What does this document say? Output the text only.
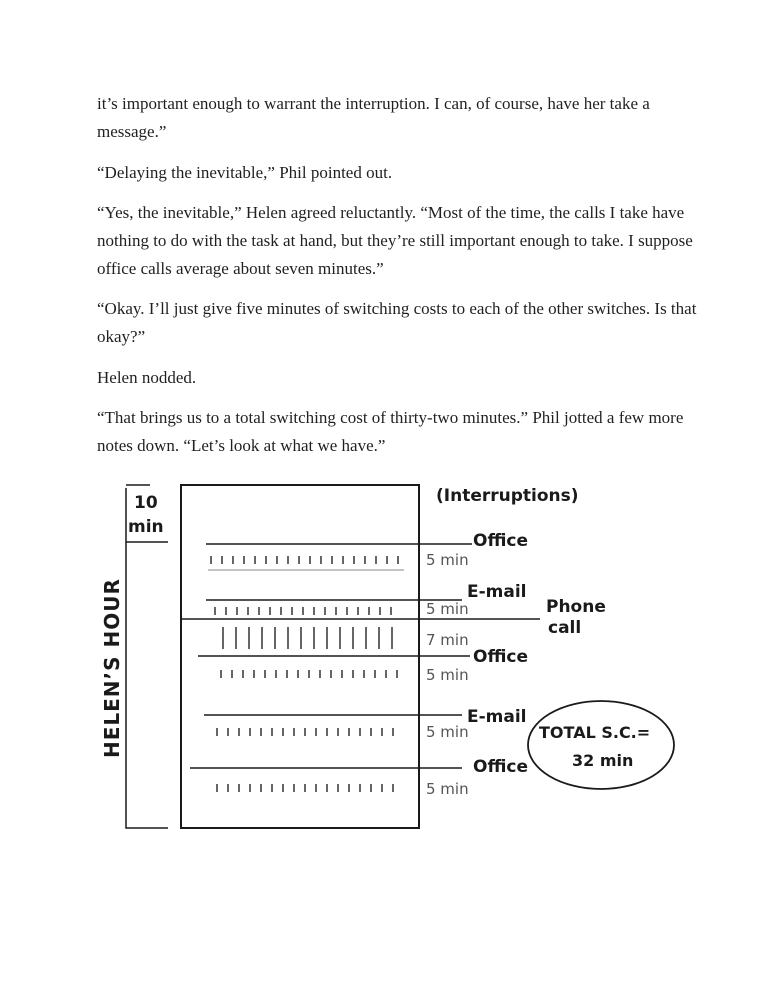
it’s important enough to warrant the interruption. I can, of course, have her take a message.”

“Delaying the inevitable,” Phil pointed out.

“Yes, the inevitable,” Helen agreed reluctantly. “Most of the time, the calls I take have nothing to do with the task at hand, but they’re still important enough to take. I suppose office calls average about seven minutes.”

“Okay. I’ll just give five minutes of switching costs to each of the other switches. Is that okay?”

Helen nodded.

“That brings us to a total switching cost of thirty-two minutes.” Phil jotted a few more notes down. “Let’s look at what we have.”

HELEN’S HOUR
10
min
(Interruptions)
Office
5 min
E-mail
5 min	Phone
call
7 min
Office
5 min
E-mail
5 min
Office
5 min
TOTAL S.C.=
32 min
